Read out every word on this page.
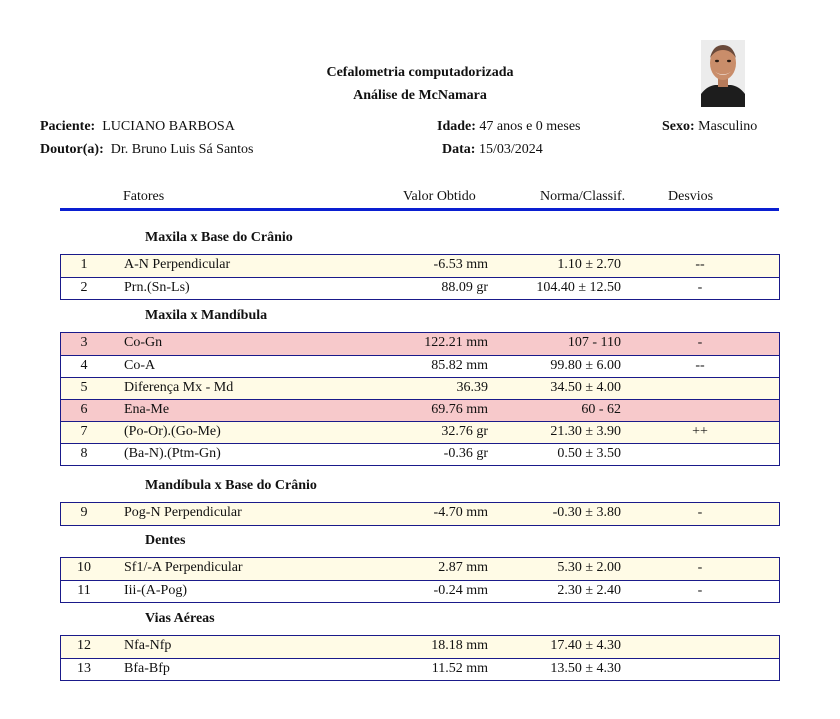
Cefalometria computadorizada
Análise de McNamara
Paciente: LUCIANO BARBOSA
Doutor(a): Dr. Bruno Luis Sá Santos
Idade: 47 anos e 0 meses
Data: 15/03/2024
Sexo: Masculino
Fatores	Valor Obtido	Norma/Classif.	Desvios
Maxila x Base do Crânio
1	A-N Perpendicular	-6.53 mm	1.10 ± 2.70	--
2	Prn.(Sn-Ls)	88.09 gr	104.40 ± 12.50	-
Maxila x Mandíbula
3	Co-Gn	122.21 mm	107 - 110	-
4	Co-A	85.82 mm	99.80 ± 6.00	--
5	Diferença Mx - Md	36.39	34.50 ± 4.00
6	Ena-Me	69.76 mm	60 - 62
7	(Po-Or).(Go-Me)	32.76 gr	21.30 ± 3.90	++
8	(Ba-N).(Ptm-Gn)	-0.36 gr	0.50 ± 3.50
Mandíbula x Base do Crânio
9	Pog-N Perpendicular	-4.70 mm	-0.30 ± 3.80	-
Dentes
10	Sf1/-A Perpendicular	2.87 mm	5.30 ± 2.00	-
11	Iii-(A-Pog)	-0.24 mm	2.30 ± 2.40	-
Vias Aéreas
12	Nfa-Nfp	18.18 mm	17.40 ± 4.30
13	Bfa-Bfp	11.52 mm	13.50 ± 4.30
